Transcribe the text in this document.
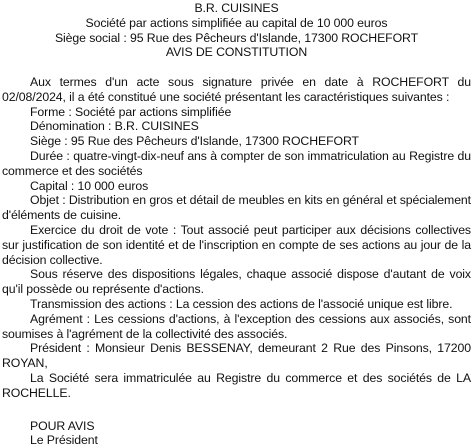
B.R. CUISINES
Société par actions simplifiée au capital de 10 000 euros
Siège social : 95 Rue des Pêcheurs d'Islande, 17300 ROCHEFORT
AVIS DE CONSTITUTION
Aux termes d'un acte sous signature privée en date à ROCHEFORT du 02/08/2024, il a été constitué une société présentant les caractéristiques suivantes :
Forme : Société par actions simplifiée
Dénomination : B.R. CUISINES
Siège : 95 Rue des Pêcheurs d'Islande, 17300 ROCHEFORT
Durée : quatre-vingt-dix-neuf ans à compter de son immatriculation au Registre du commerce et des sociétés
Capital : 10 000 euros
Objet : Distribution en gros et détail de meubles en kits en général et spécialement d'éléments de cuisine.
Exercice du droit de vote : Tout associé peut participer aux décisions collectives sur justification de son identité et de l'inscription en compte de ses actions au jour de la décision collective.
Sous réserve des dispositions légales, chaque associé dispose d'autant de voix qu'il possède ou représente d'actions.
Transmission des actions : La cession des actions de l'associé unique est libre.
Agrément : Les cessions d'actions, à l'exception des cessions aux associés, sont soumises à l'agrément de la collectivité des associés.
Président : Monsieur Denis BESSENAY, demeurant 2 Rue des Pinsons, 17200 ROYAN,
La Société sera immatriculée au Registre du commerce et des sociétés de LA ROCHELLE.
POUR AVIS
Le Président
